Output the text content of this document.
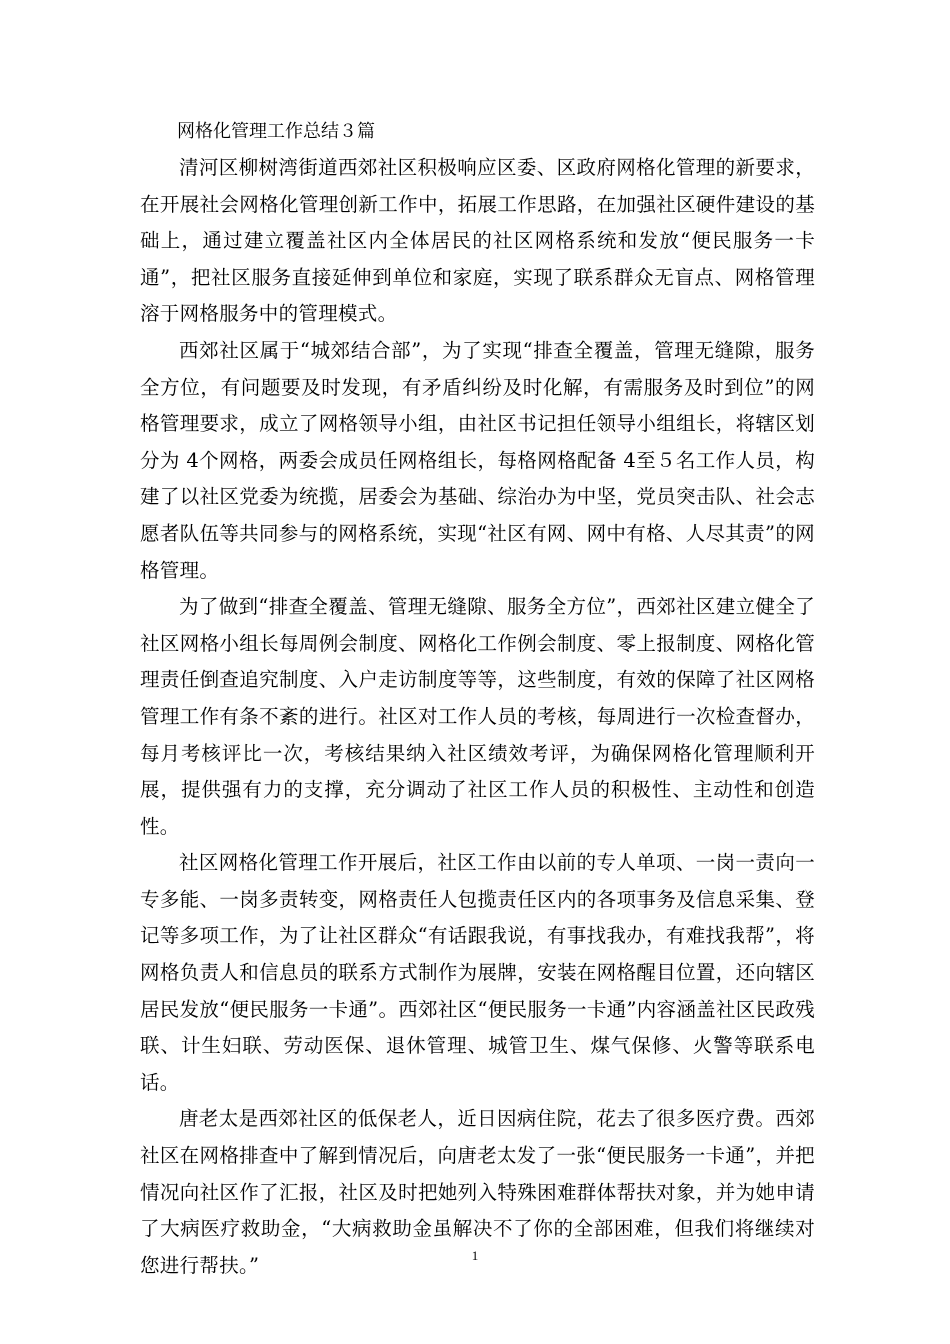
网格化管理工作总结３篇

清河区柳树湾街道西郊社区积极响应区委、区政府网格化管理的新要求，在开展社会网格化管理创新工作中，拓展工作思路，在加强社区硬件建设的基础上，通过建立覆盖社区内全体居民的社区网格系统和发放“便民服务一卡通”，把社区服务直接延伸到单位和家庭，实现了联系群众无盲点、网格管理溶于网格服务中的管理模式。

西郊社区属于“城郊结合部”，为了实现“排查全覆盖，管理无缝隙，服务全方位，有问题要及时发现，有矛盾纠纷及时化解，有需服务及时到位”的网格管理要求，成立了网格领导小组，由社区书记担任领导小组组长，将辖区划分为 4个网格，两委会成员任网格组长，每格网格配备 4至５名工作人员，构建了以社区党委为统揽，居委会为基础、综治办为中坚，党员突击队、社会志愿者队伍等共同参与的网格系统，实现“社区有网、网中有格、人尽其责”的网格管理。

为了做到“排查全覆盖、管理无缝隙、服务全方位”，西郊社区建立健全了社区网格小组长每周例会制度、网格化工作例会制度、零上报制度、网格化管理责任倒查追究制度、入户走访制度等等，这些制度，有效的保障了社区网格管理工作有条不紊的进行。社区对工作人员的考核，每周进行一次检查督办，每月考核评比一次，考核结果纳入社区绩效考评，为确保网格化管理顺利开展，提供强有力的支撑，充分调动了社区工作人员的积极性、主动性和创造性。

社区网格化管理工作开展后，社区工作由以前的专人单项、一岗一责向一专多能、一岗多责转变，网格责任人包揽责任区内的各项事务及信息采集、登记等多项工作，为了让社区群众“有话跟我说，有事找我办，有难找我帮”，将网格负责人和信息员的联系方式制作为展牌，安装在网格醒目位置，还向辖区居民发放“便民服务一卡通”。西郊社区“便民服务一卡通”内容涵盖社区民政残联、计生妇联、劳动医保、退休管理、城管卫生、煤气保修、火警等联系电话。

唐老太是西郊社区的低保老人，近日因病住院，花去了很多医疗费。西郊社区在网格排查中了解到情况后，向唐老太发了一张“便民服务一卡通”，并把情况向社区作了汇报，社区及时把她列入特殊困难群体帮扶对象，并为她申请了大病医疗救助金，“大病救助金虽解决不了你的全部困难，但我们将继续对您进行帮扶。”	1
